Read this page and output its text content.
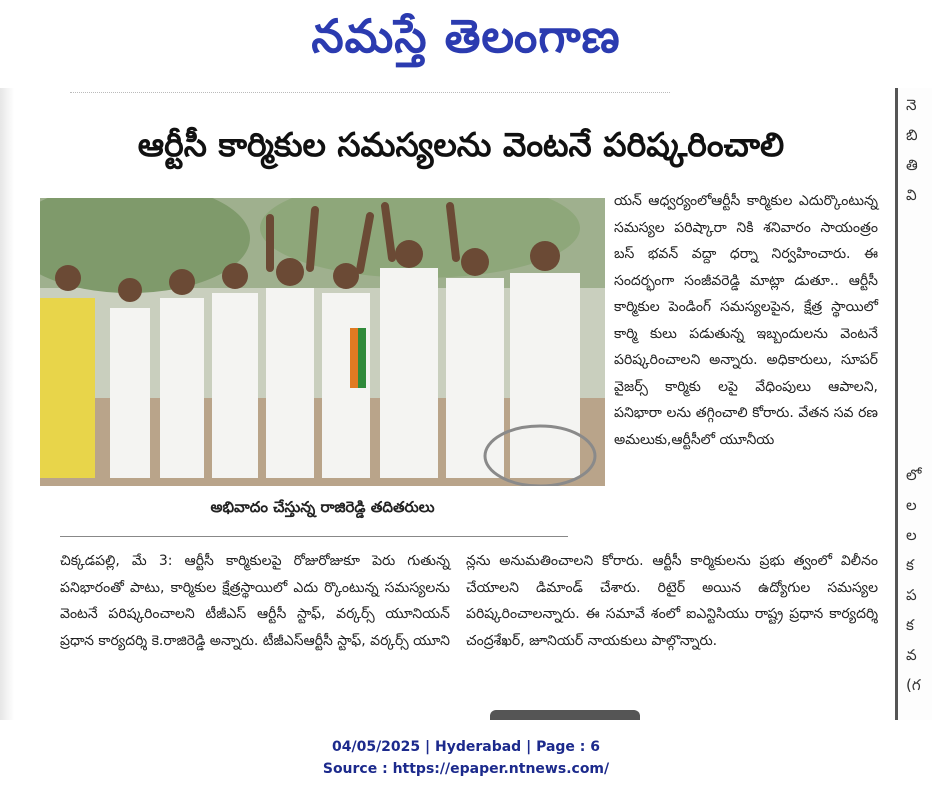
నమస్తే తెలంగాణ
ఆర్టీసీ కార్మికుల సమస్యలను వెంటనే పరిష్కరించాలి
అభివాదం చేస్తున్న రాజిరెడ్డి తదితరులు

యన్ ఆధ్వర్యంలోఆర్టీసీ కార్మికుల ఎదుర్కొంటున్న సమస్యల పరిష్కారా నికి శనివారం సాయంత్రం బస్ భవన్ వద్దా ధర్నా నిర్వహించారు. ఈ సందర్భంగా సంజీవరెడ్డి మాట్లా డుతూ.. ఆర్టీసీ కార్మికుల పెండింగ్ సమస్యలపైన, క్షేత్ర స్థాయిలో కార్మి కులు పడుతున్న ఇబ్బందులను వెంటనే పరిష్కరించాలని అన్నారు. అధికారులు, సూపర్ వైజర్స్ కార్మికు లపై వేధింపులు ఆపాలని, పనిభారా లను తగ్గించాలి కోరారు. వేతన సవ రణ అమలుకు,ఆర్టీసీలో యూనీయ

చిక్కడపల్లి, మే 3: ఆర్టీసీ కార్మికులపై రోజురోజుకూ పెరు గుతున్న పనిభారంతో పాటు, కార్మికుల క్షేత్రస్థాయిలో ఎదు ర్కొంటున్న సమస్యలను వెంటనే పరిష్కరించాలని టీజీఎస్ ఆర్టీసీ స్టాఫ్, వర్కర్స్ యూనియన్ ప్రధాన కార్యదర్శి కె.రాజిరెడ్డి అన్నారు. టీజీఎస్ఆర్టీసీ స్టాఫ్, వర్కర్స్ యూని

న్లను అనుమతించాలని కోరారు. ఆర్టీసీ కార్మికులను ప్రభు త్వంలో విలీనం చేయాలని డిమాండ్ చేశారు. రిటైర్ అయిన ఉద్యోగుల సమస్యల పరిష్కరించాలన్నారు. ఈ సమావే శంలో ఐఎన్టిసియు రాష్ట్ర ప్రధాన కార్యదర్శి చంద్రశేఖర్, జూనియర్ నాయకులు పాల్గొన్నారు.

నె
బి
తి
వి
లో
ల
ల
క
ప
క
వ
(గ
04/05/2025 | Hyderabad | Page : 6
Source : https://epaper.ntnews.com/
